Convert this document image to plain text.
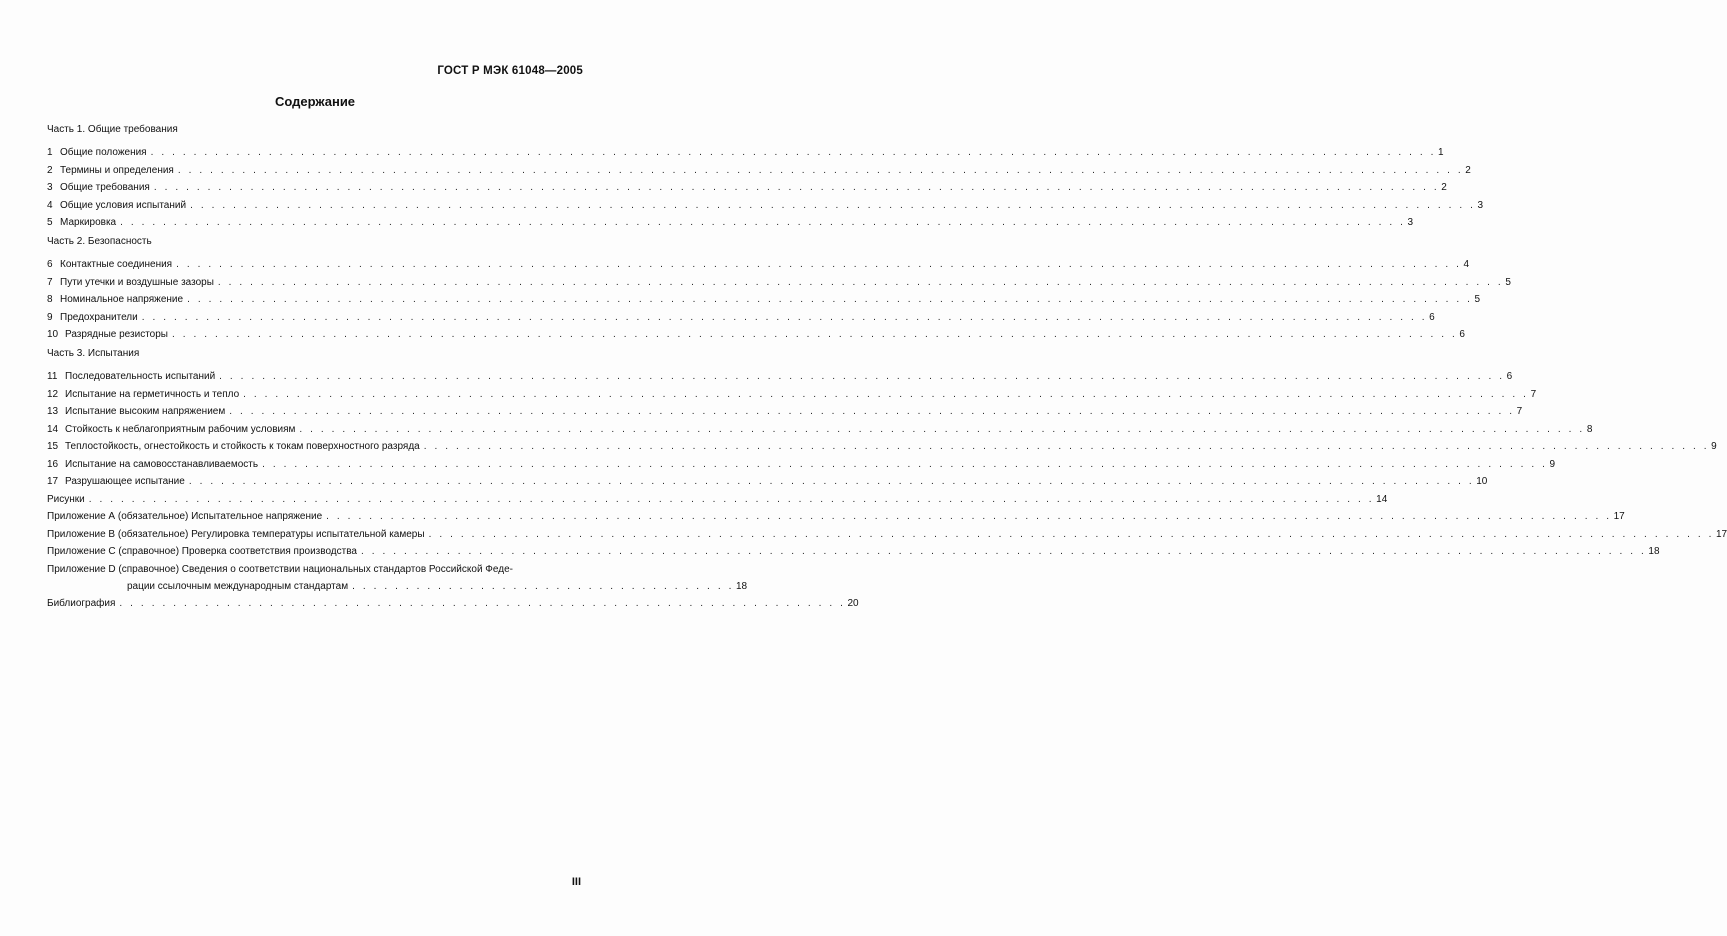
ГОСТ Р МЭК 61048—2005
Содержание
Часть 1. Общие требования
1 Общие положения . . . . . . . . . . . . . . . . . . . . . . . . . . . . . . . . . . . . . . . . . . . . . . . . . . . . . . . . . . . . . . . . . . . . . . . . . . . . . . . . . . . . . . . . . . . . . . . . . . . . . . . . . . . . . . . . . . . . . . . . 1
2 Термины и определения . . . . . . . . . . . . . . . . . . . . . . . . . . . . . . . . . . . . . . . . . . . . . . . . . . . . . . . . . . . . . . . . . . . . . . . . . . . . . . . . . . . . . . . . . . . . . . . . . . . . . . . . . . . . . . . . . . . . . . . . 2
3 Общие требования . . . . . . . . . . . . . . . . . . . . . . . . . . . . . . . . . . . . . . . . . . . . . . . . . . . . . . . . . . . . . . . . . . . . . . . . . . . . . . . . . . . . . . . . . . . . . . . . . . . . . . . . . . . . . . . . . . . . . . . . 2
4 Общие условия испытаний . . . . . . . . . . . . . . . . . . . . . . . . . . . . . . . . . . . . . . . . . . . . . . . . . . . . . . . . . . . . . . . . . . . . . . . . . . . . . . . . . . . . . . . . . . . . . . . . . . . . . . . . . . . . . . . . . . . . . . . . 3
5 Маркировка . . . . . . . . . . . . . . . . . . . . . . . . . . . . . . . . . . . . . . . . . . . . . . . . . . . . . . . . . . . . . . . . . . . . . . . . . . . . . . . . . . . . . . . . . . . . . . . . . . . . . . . . . . . . . . . . . . . . . . . . 3
Часть 2. Безопасность
6 Контактные соединения . . . . . . . . . . . . . . . . . . . . . . . . . . . . . . . . . . . . . . . . . . . . . . . . . . . . . . . . . . . . . . . . . . . . . . . . . . . . . . . . . . . . . . . . . . . . . . . . . . . . . . . . . . . . . . . . . . . . . . . . 4
7 Пути утечки и воздушные зазоры . . . . . . . . . . . . . . . . . . . . . . . . . . . . . . . . . . . . . . . . . . . . . . . . . . . . . . . . . . . . . . . . . . . . . . . . . . . . . . . . . . . . . . . . . . . . . . . . . . . . . . . . . . . . . . . . . . . . . . . . 5
8 Номинальное напряжение . . . . . . . . . . . . . . . . . . . . . . . . . . . . . . . . . . . . . . . . . . . . . . . . . . . . . . . . . . . . . . . . . . . . . . . . . . . . . . . . . . . . . . . . . . . . . . . . . . . . . . . . . . . . . . . . . . . . . . . . 5
9 Предохранители . . . . . . . . . . . . . . . . . . . . . . . . . . . . . . . . . . . . . . . . . . . . . . . . . . . . . . . . . . . . . . . . . . . . . . . . . . . . . . . . . . . . . . . . . . . . . . . . . . . . . . . . . . . . . . . . . . . . . . . . 6
10 Разрядные резисторы . . . . . . . . . . . . . . . . . . . . . . . . . . . . . . . . . . . . . . . . . . . . . . . . . . . . . . . . . . . . . . . . . . . . . . . . . . . . . . . . . . . . . . . . . . . . . . . . . . . . . . . . . . . . . . . . . . . . . . . . 6
Часть 3. Испытания
11 Последовательность испытаний . . . . . . . . . . . . . . . . . . . . . . . . . . . . . . . . . . . . . . . . . . . . . . . . . . . . . . . . . . . . . . . . . . . . . . . . . . . . . . . . . . . . . . . . . . . . . . . . . . . . . . . . . . . . . . . . . . . . . . . . 6
12 Испытание на герметичность и тепло . . . . . . . . . . . . . . . . . . . . . . . . . . . . . . . . . . . . . . . . . . . . . . . . . . . . . . . . . . . . . . . . . . . . . . . . . . . . . . . . . . . . . . . . . . . . . . . . . . . . . . . . . . . . . . . . . . . . . . . . 7
13 Испытание высоким напряжением . . . . . . . . . . . . . . . . . . . . . . . . . . . . . . . . . . . . . . . . . . . . . . . . . . . . . . . . . . . . . . . . . . . . . . . . . . . . . . . . . . . . . . . . . . . . . . . . . . . . . . . . . . . . . . . . . . . . . . . . 7
14 Стойкость к неблагоприятным рабочим условиям . . . . . . . . . . . . . . . . . . . . . . . . . . . . . . . . . . . . . . . . . . . . . . . . . . . . . . . . . . . . . . . . . . . . . . . . . . . . . . . . . . . . . . . . . . . . . . . . . . . . . . . . . . . . . . . . . . . . . . . . 8
15 Теплостойкость, огнестойкость и стойкость к токам поверхностного разряда . . . . . . . . . . . . . . . . . . . . . . . . . . . . . . . . . . . . . . . . . . . . . . . . . . . . . . . . . . . . . . . . . . . . . . . . . . . . . . . . . . . . . . . . . . . . . . . . . . . . . . . . . . . . . . . . . . . . . . . . 9
16 Испытание на самовосстанавливаемость . . . . . . . . . . . . . . . . . . . . . . . . . . . . . . . . . . . . . . . . . . . . . . . . . . . . . . . . . . . . . . . . . . . . . . . . . . . . . . . . . . . . . . . . . . . . . . . . . . . . . . . . . . . . . . . . . . . . . . . . 9
17 Разрушающее испытание . . . . . . . . . . . . . . . . . . . . . . . . . . . . . . . . . . . . . . . . . . . . . . . . . . . . . . . . . . . . . . . . . . . . . . . . . . . . . . . . . . . . . . . . . . . . . . . . . . . . . . . . . . . . . . . . . . . . . . . . 10
Рисунки . . . . . . . . . . . . . . . . . . . . . . . . . . . . . . . . . . . . . . . . . . . . . . . . . . . . . . . . . . . . . . . . . . . . . . . . . . . . . . . . . . . . . . . . . . . . . . . . . . . . . . . . . . . . . . . . . . . . . . . . 14
Приложение А (обязательное) Испытательное напряжение . . . . . . . . . . . . . . . . . . . . . . . . . . . . . . . . . . . . . . . . . . . . . . . . . . . . . . . . . . . . . . . . . . . . . . . . . . . . . . . . . . . . . . . . . . . . . . . . . . . . . . . . . . . . . . . . . . . . . . . . 17
Приложение В (обязательное) Регулировка температуры испытательной камеры . . . . . . . . . . . . . . . . . . . . . . . . . . . . . . . . . . . . . . . . . . . . . . . . . . . . . . . . . . . . . . . . . . . . . . . . . . . . . . . . . . . . . . . . . . . . . . . . . . . . . . . . . . . . . . . . . . . . . . . . 17
Приложение С (справочное) Проверка соответствия производства . . . . . . . . . . . . . . . . . . . . . . . . . . . . . . . . . . . . . . . . . . . . . . . . . . . . . . . . . . . . . . . . . . . . . . . . . . . . . . . . . . . . . . . . . . . . . . . . . . . . . . . . . . . . . . . . . . . . . . . . 18
Приложение D (справочное) Сведения о соответствии национальных стандартов Российской Феде-
рации ссылочным международным стандартам . . . . . . . . . . . . . . . . . . . . . . . . . . . . . . . . . . . . 18
Библиография . . . . . . . . . . . . . . . . . . . . . . . . . . . . . . . . . . . . . . . . . . . . . . . . . . . . . . . . . . . . . . . . . . . . 20
III
